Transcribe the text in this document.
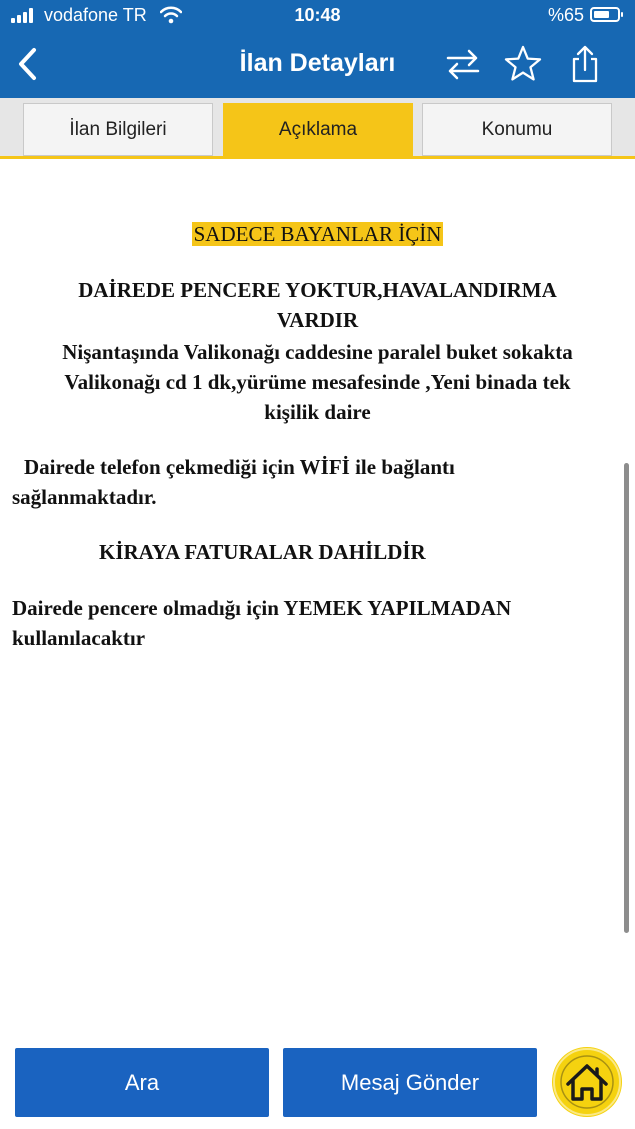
vodafone TR	10:48	%65
İlan Detayları
İlan Bilgileri	Açıklama	Konumu
SADECE BAYANLAR İÇİN
DAİREDE PENCERE YOKTUR,HAVALANDIRMA
VARDIR
Nişantaşında Valikonağı caddesine paralel buket sokakta
Valikonağı cd 1 dk,yürüme mesafesinde ,Yeni binada tek
kişilik daire
Dairede telefon çekmediği için WİFİ ile bağlantı
sağlanmaktadır.
KİRAYA FATURALAR DAHİLDİR
Dairede pencere olmadığı için YEMEK YAPILMADAN
kullanılacaktır
Ara	Mesaj Gönder
